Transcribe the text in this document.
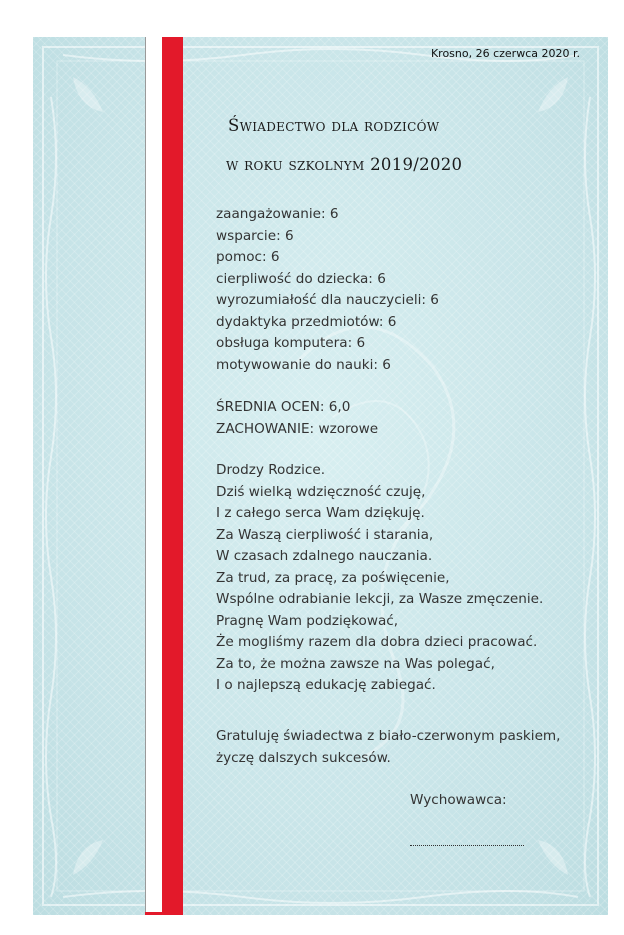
Krosno, 26 czerwca 2020 r.
Świadectwo dla rodziców
w roku szkolnym 2019/2020
zaangażowanie: 6
wsparcie: 6
pomoc: 6
cierpliwość do dziecka: 6
wyrozumiałość dla nauczycieli: 6
dydaktyka przedmiotów: 6
obsługa komputera: 6
motywowanie do nauki: 6
ŚREDNIA OCEN: 6,0
ZACHOWANIE: wzorowe
Drodzy Rodzice.
Dziś wielką wdzięczność czuję,
I z całego serca Wam dziękuję.
Za Waszą cierpliwość i starania,
W czasach zdalnego nauczania.
Za trud, za pracę, za poświęcenie,
Wspólne odrabianie lekcji, za Wasze zmęczenie.
Pragnę Wam podziękować,
Że mogliśmy razem dla dobra dzieci pracować.
Za to, że można zawsze na Was polegać,
I o najlepszą edukację zabiegać.
Gratuluję świadectwa z biało-czerwonym paskiem,
życzę dalszych sukcesów.
Wychowawca:
